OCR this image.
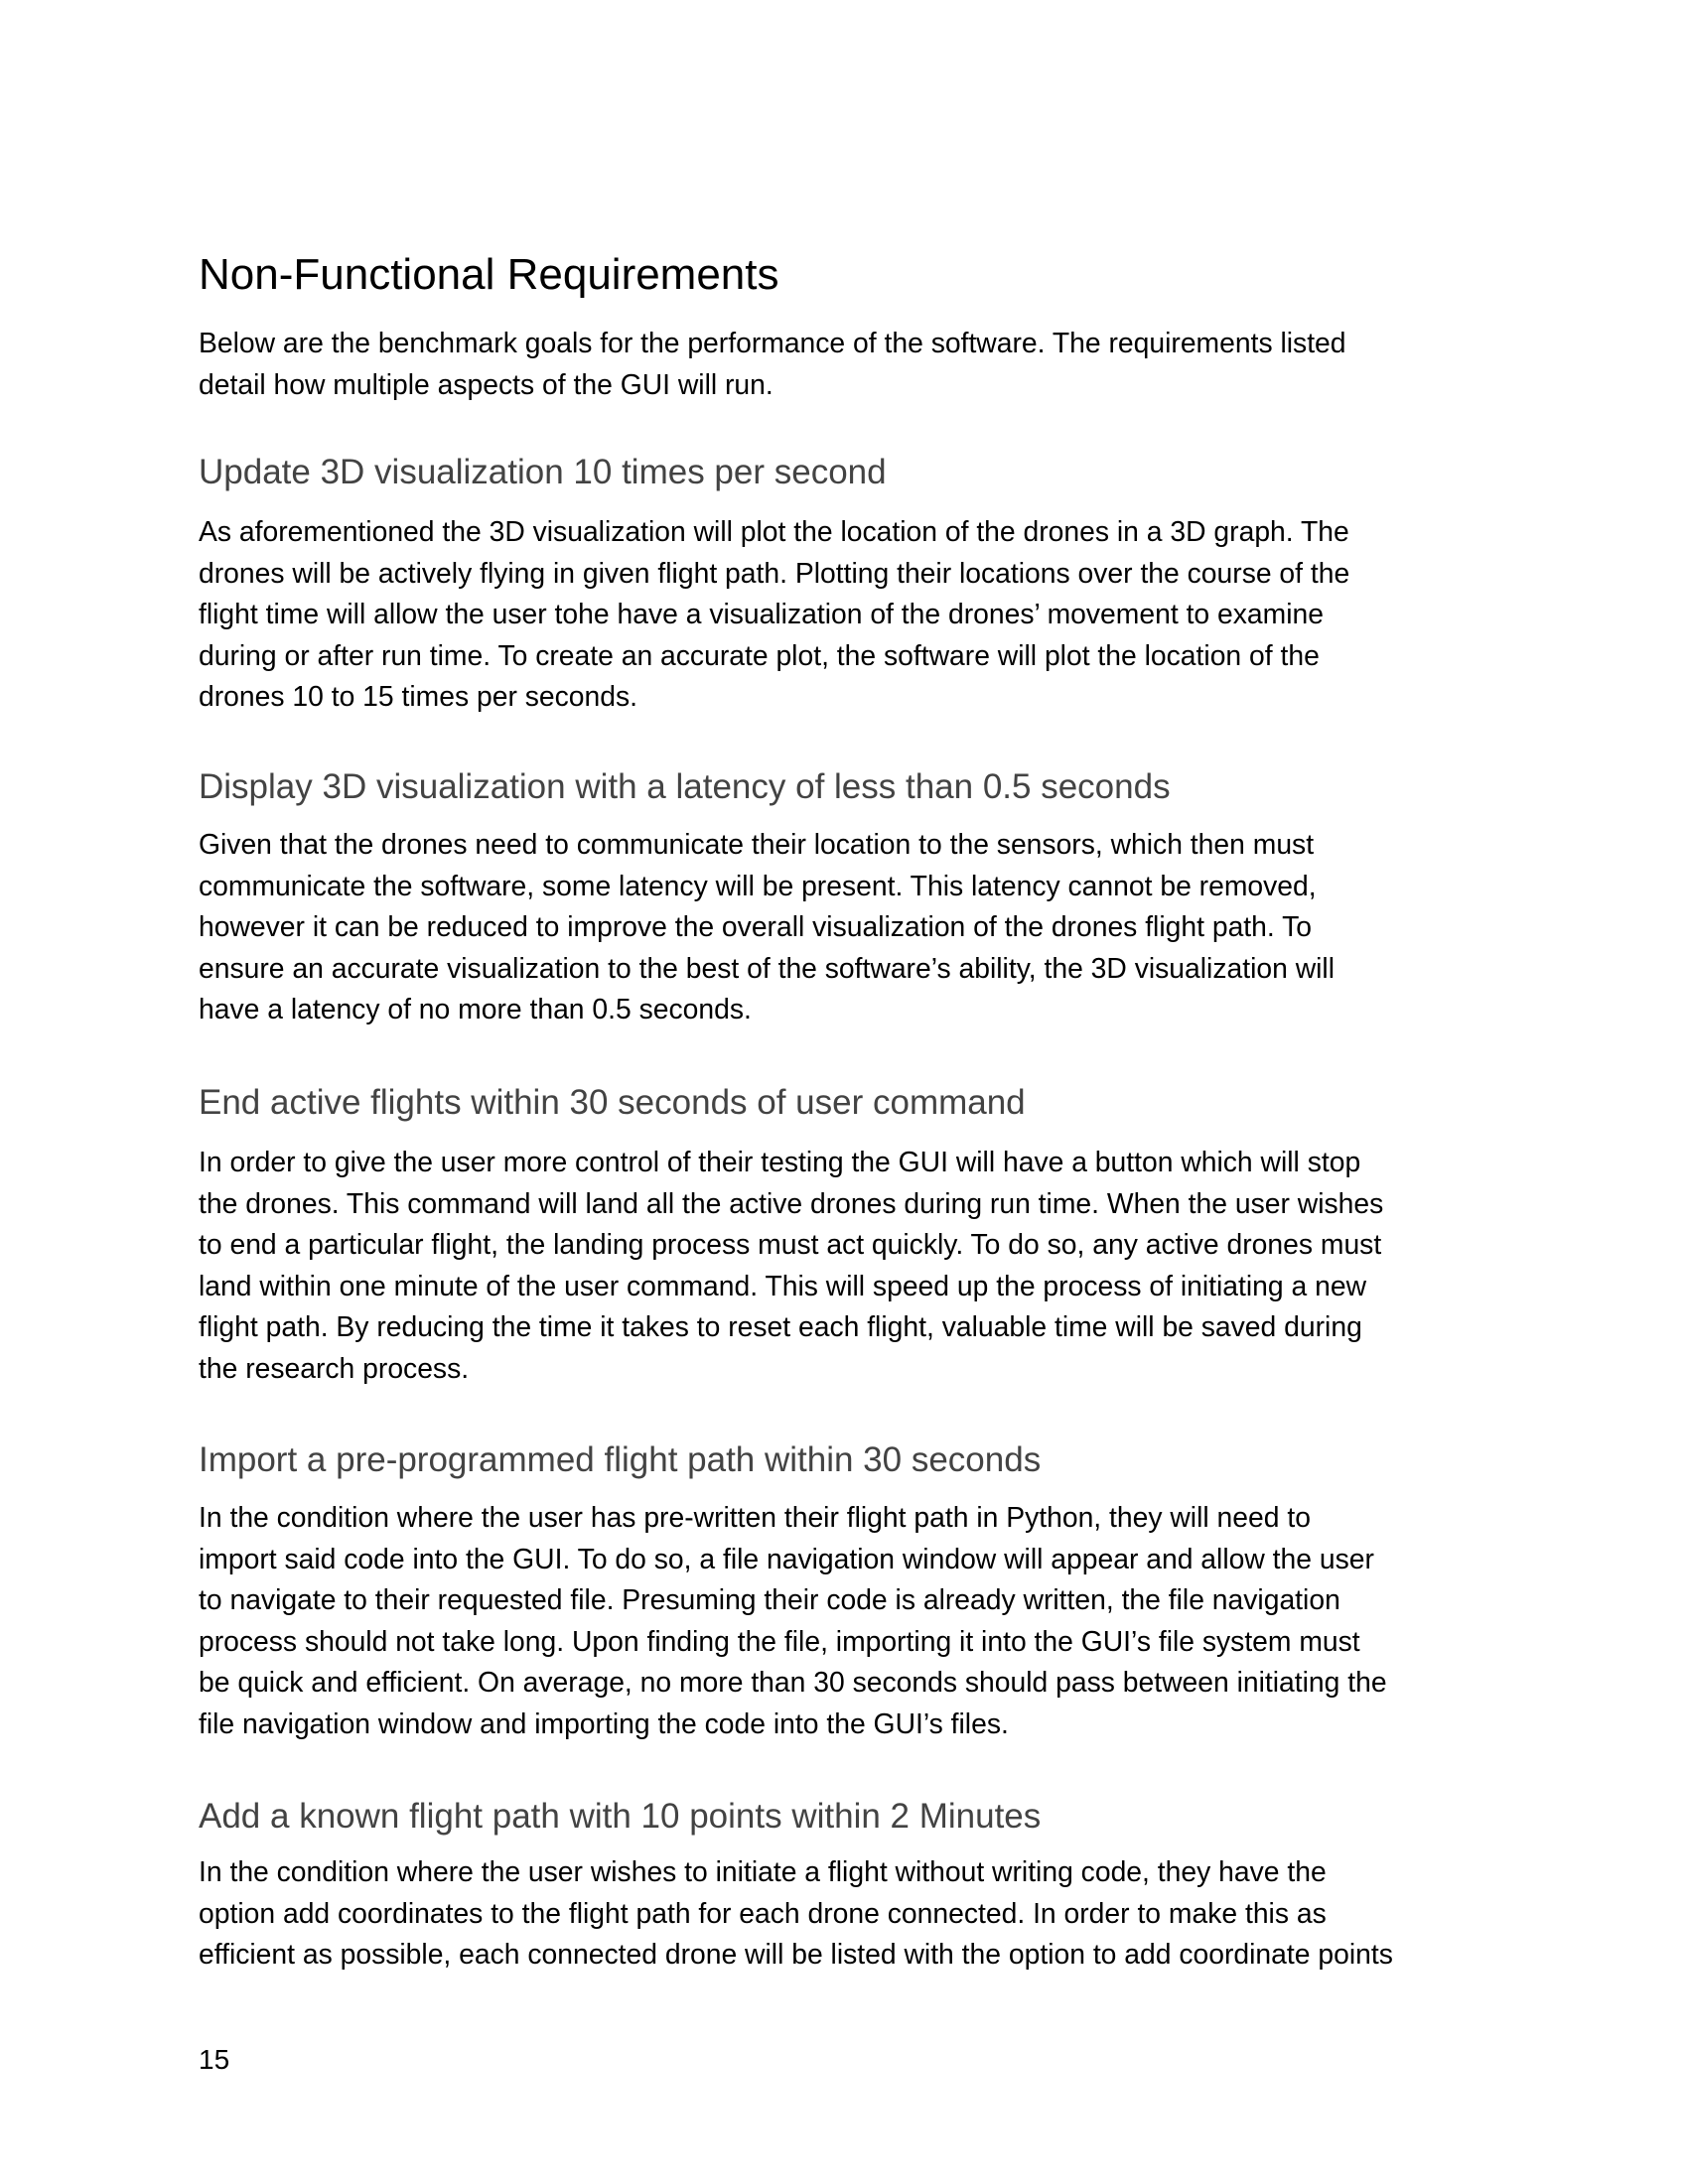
Non-Functional Requirements
Below are the benchmark goals for the performance of the software. The requirements listed
detail how multiple aspects of the GUI will run.
Update 3D visualization 10 times per second
As aforementioned the 3D visualization will plot the location of the drones in a 3D graph. The
drones will be actively flying in given flight path. Plotting their locations over the course of the
flight time will allow the user tohe have a visualization of the drones’ movement to examine
during or after run time. To create an accurate plot, the software will plot the location of the
drones 10 to 15 times per seconds.
Display 3D visualization with a latency of less than 0.5 seconds
Given that the drones need to communicate their location to the sensors, which then must
communicate the software, some latency will be present. This latency cannot be removed,
however it can be reduced to improve the overall visualization of the drones flight path. To
ensure an accurate visualization to the best of the software’s ability, the 3D visualization will
have a latency of no more than 0.5 seconds.
End active flights within 30 seconds of user command
In order to give the user more control of their testing the GUI will have a button which will stop
the drones. This command will land all the active drones during run time. When the user wishes
to end a particular flight, the landing process must act quickly. To do so, any active drones must
land within one minute of the user command. This will speed up the process of initiating a new
flight path. By reducing the time it takes to reset each flight, valuable time will be saved during
the research process.
Import a pre-programmed flight path within 30 seconds
In the condition where the user has pre-written their flight path in Python, they will need to
import said code into the GUI. To do so, a file navigation window will appear and allow the user
to navigate to their requested file. Presuming their code is already written, the file navigation
process should not take long. Upon finding the file, importing it into the GUI’s file system must
be quick and efficient. On average, no more than 30 seconds should pass between initiating the
file navigation window and importing the code into the GUI’s files.
Add a known flight path with 10 points within 2 Minutes
In the condition where the user wishes to initiate a flight without writing code, they have the
option add coordinates to the flight path for each drone connected. In order to make this as
efficient as possible, each connected drone will be listed with the option to add coordinate points
15
